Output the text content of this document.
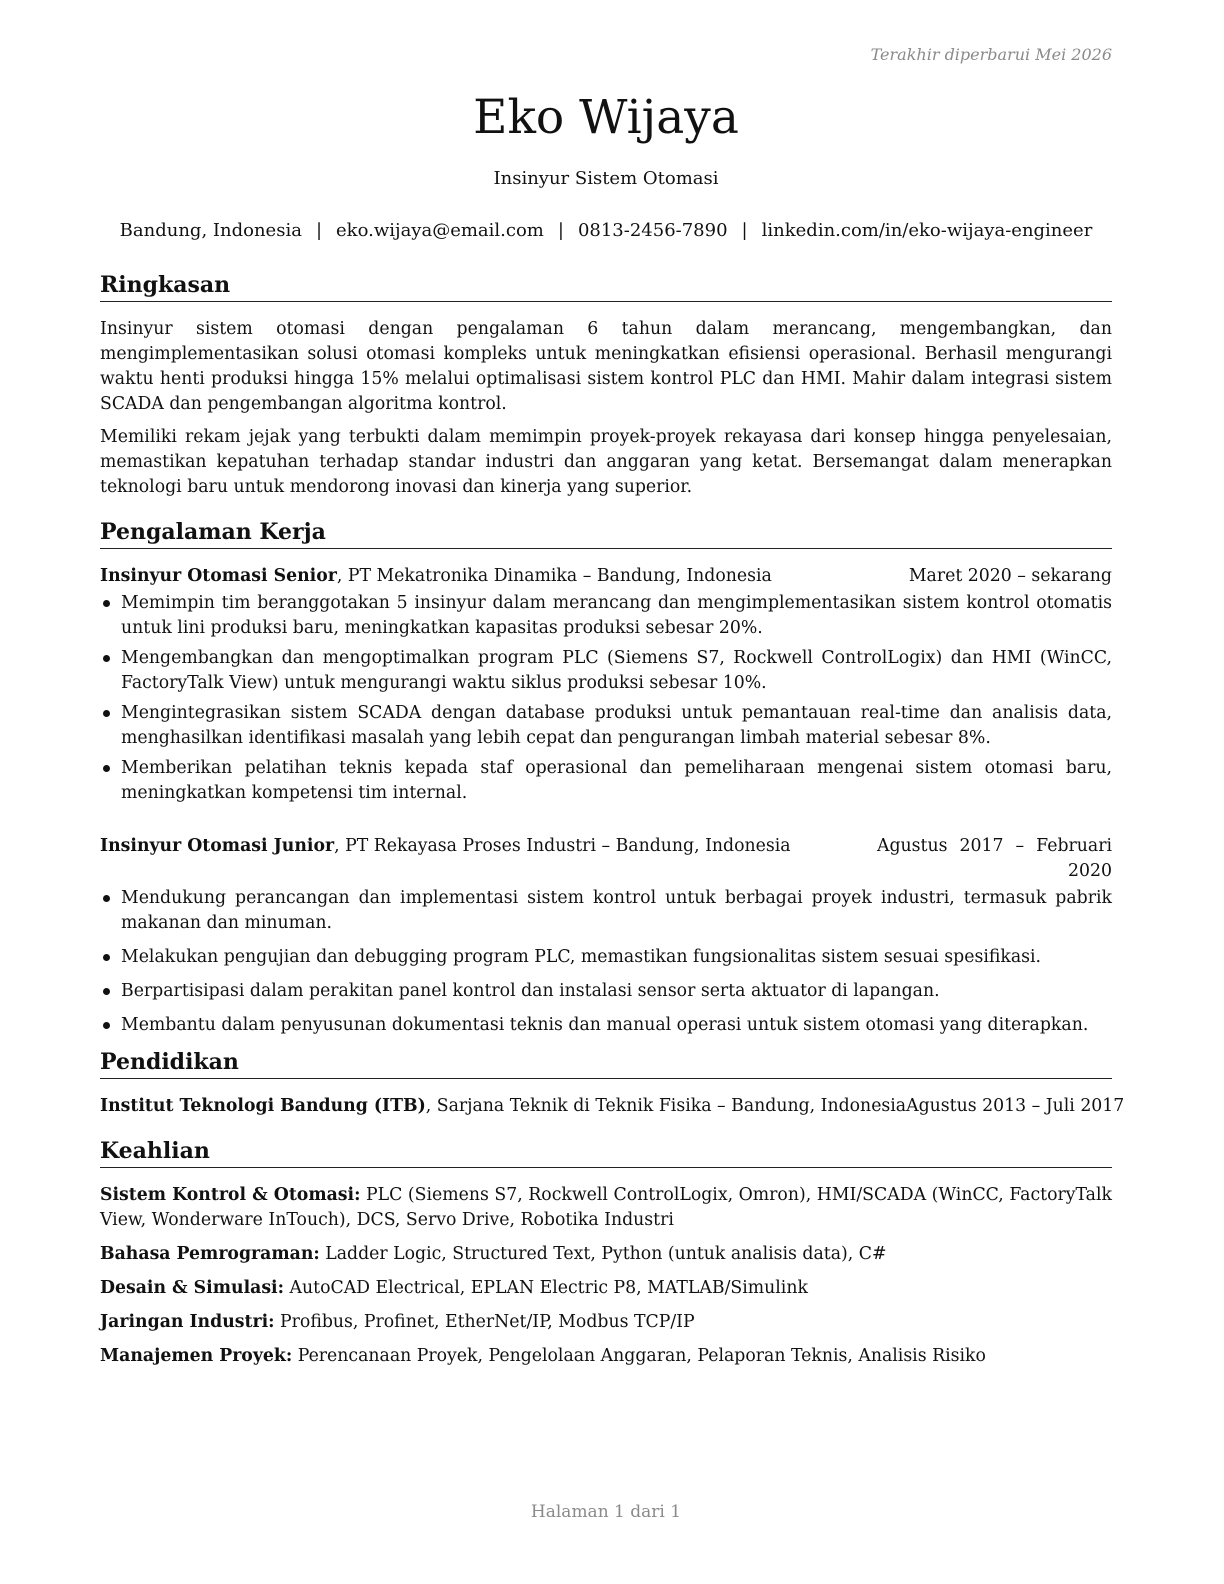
Terakhir diperbarui Mei 2026
Eko Wijaya
Insinyur Sistem Otomasi
Bandung, Indonesia | eko.wijaya@email.com | 0813-2456-7890 | linkedin.com/in/eko-wijaya-engineer
Ringkasan

Insinyur sistem otomasi dengan pengalaman 6 tahun dalam merancang, mengembangkan, dan mengimplementasikan solusi otomasi kompleks untuk meningkatkan efisiensi operasional. Berhasil mengurangi waktu henti produksi hingga 15% melalui optimalisasi sistem kontrol PLC dan HMI. Mahir dalam integrasi sistem SCADA dan pengembangan algoritma kontrol.

Memiliki rekam jejak yang terbukti dalam memimpin proyek-proyek rekayasa dari konsep hingga penyelesaian, memastikan kepatuhan terhadap standar industri dan anggaran yang ketat. Bersemangat dalam menerapkan teknologi baru untuk mendorong inovasi dan kinerja yang superior.

Pengalaman Kerja
Insinyur Otomasi Senior, PT Mekatronika Dinamika – Bandung, Indonesia	Maret 2020 – sekarang
Memimpin tim beranggotakan 5 insinyur dalam merancang dan mengimplementasikan sistem kontrol otomatis untuk lini produksi baru, meningkatkan kapasitas produksi sebesar 20%.
Mengembangkan dan mengoptimalkan program PLC (Siemens S7, Rockwell ControlLogix) dan HMI (WinCC, FactoryTalk View) untuk mengurangi waktu siklus produksi sebesar 10%.
Mengintegrasikan sistem SCADA dengan database produksi untuk pemantauan real-time dan analisis data, menghasilkan identifikasi masalah yang lebih cepat dan pengurangan limbah material sebesar 8%.
Memberikan pelatihan teknis kepada staf operasional dan pemeliharaan mengenai sistem otomasi baru, meningkatkan kompetensi tim internal.
Insinyur Otomasi Junior, PT Rekayasa Proses Industri – Bandung, Indonesia	Agustus 2017 – Februari 2020
Mendukung perancangan dan implementasi sistem kontrol untuk berbagai proyek industri, termasuk pabrik makanan dan minuman.
Melakukan pengujian dan debugging program PLC, memastikan fungsionalitas sistem sesuai spesifikasi.
Berpartisipasi dalam perakitan panel kontrol dan instalasi sensor serta aktuator di lapangan.
Membantu dalam penyusunan dokumentasi teknis dan manual operasi untuk sistem otomasi yang diterapkan.
Pendidikan
Institut Teknologi Bandung (ITB), Sarjana Teknik di Teknik Fisika – Bandung, Indonesia Agustus 2013 – Juli 2017
Keahlian

Sistem Kontrol & Otomasi: PLC (Siemens S7, Rockwell ControlLogix, Omron), HMI/SCADA (WinCC, FactoryTalk View, Wonderware InTouch), DCS, Servo Drive, Robotika Industri

Bahasa Pemrograman: Ladder Logic, Structured Text, Python (untuk analisis data), C#

Desain & Simulasi: AutoCAD Electrical, EPLAN Electric P8, MATLAB/Simulink

Jaringan Industri: Profibus, Profinet, EtherNet/IP, Modbus TCP/IP

Manajemen Proyek: Perencanaan Proyek, Pengelolaan Anggaran, Pelaporan Teknis, Analisis Risiko

Halaman 1 dari 1
